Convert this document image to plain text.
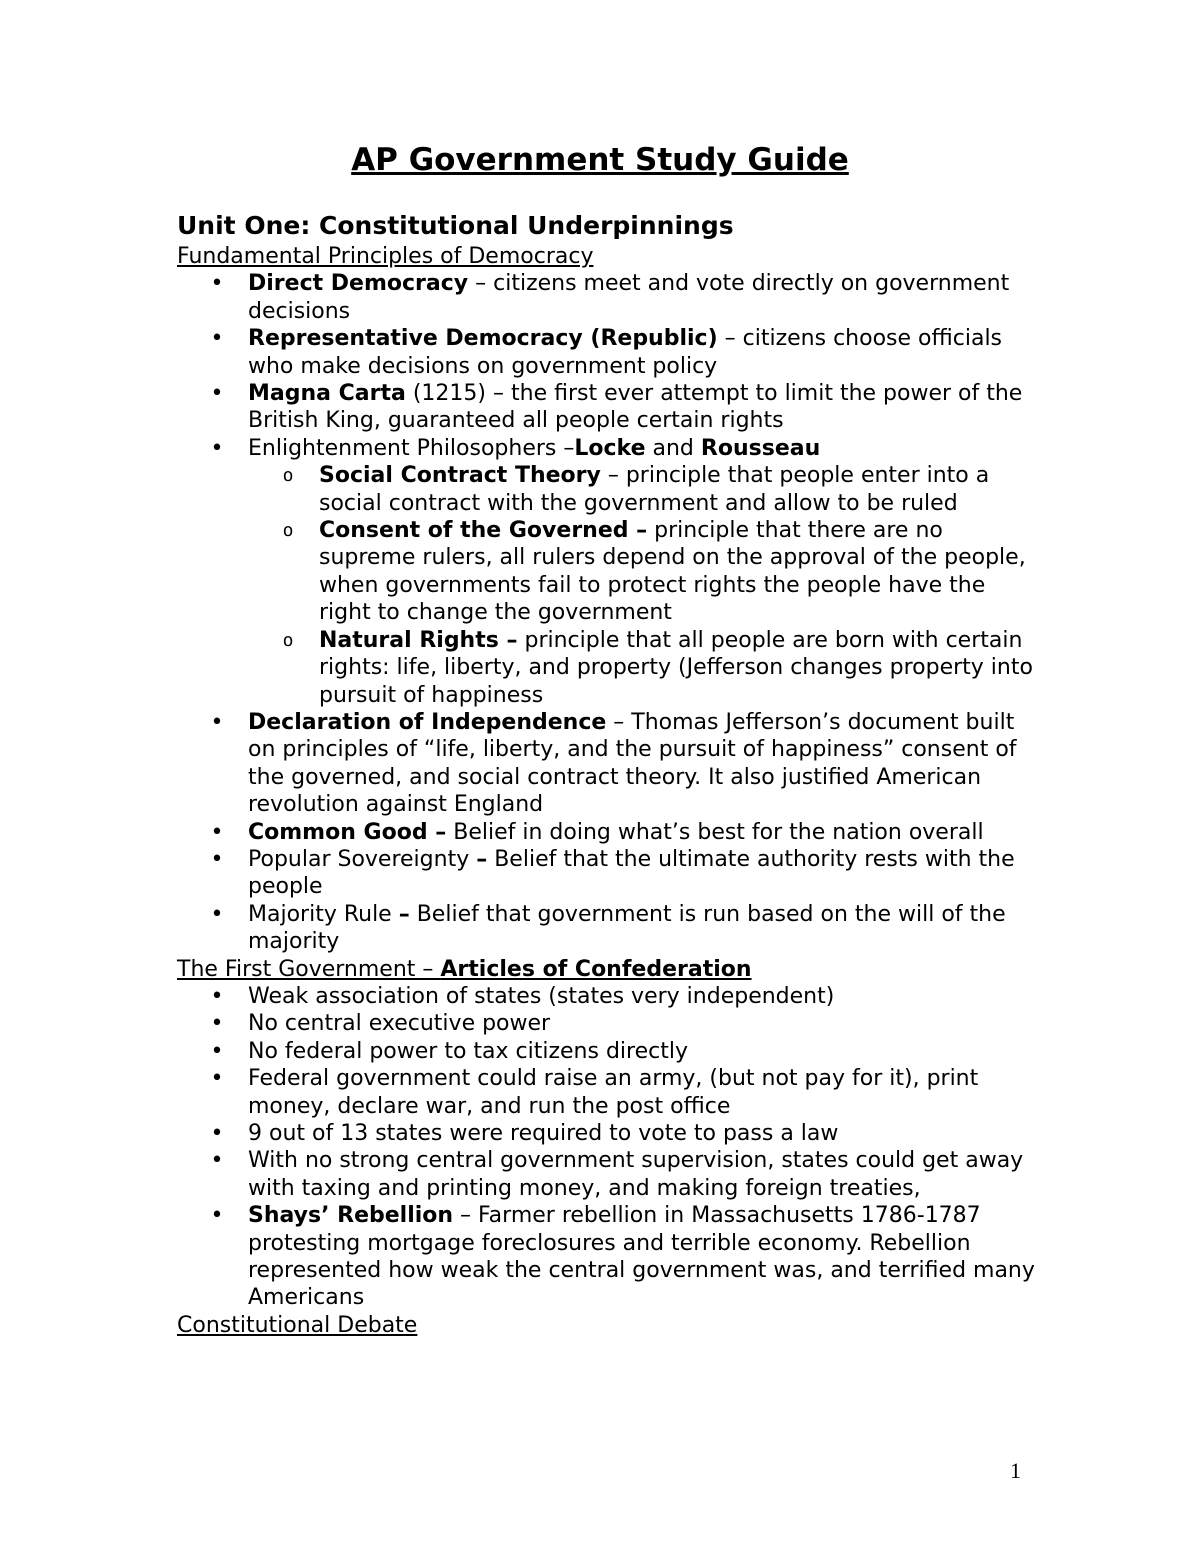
AP Government Study Guide
Unit One: Constitutional Underpinnings
Fundamental Principles of Democracy
• Direct Democracy – citizens meet and vote directly on government decisions
• Representative Democracy (Republic) – citizens choose officials who make decisions on government policy
• Magna Carta (1215) – the first ever attempt to limit the power of the British King, guaranteed all people certain rights
• Enlightenment Philosophers –Locke and Rousseau
o Social Contract Theory – principle that people enter into a social contract with the government and allow to be ruled
o Consent of the Governed – principle that there are no supreme rulers, all rulers depend on the approval of the people, when governments fail to protect rights the people have the right to change the government
o Natural Rights – principle that all people are born with certain rights: life, liberty, and property (Jefferson changes property into pursuit of happiness
• Declaration of Independence – Thomas Jefferson’s document built on principles of “life, liberty, and the pursuit of happiness” consent of the governed, and social contract theory. It also justified American revolution against England
• Common Good – Belief in doing what’s best for the nation overall
• Popular Sovereignty – Belief that the ultimate authority rests with the people
• Majority Rule – Belief that government is run based on the will of the majority
The First Government – Articles of Confederation
• Weak association of states (states very independent)
• No central executive power
• No federal power to tax citizens directly
• Federal government could raise an army, (but not pay for it), print money, declare war, and run the post office
• 9 out of 13 states were required to vote to pass a law
• With no strong central government supervision, states could get away with taxing and printing money, and making foreign treaties,
• Shays’ Rebellion – Farmer rebellion in Massachusetts 1786-1787 protesting mortgage foreclosures and terrible economy. Rebellion represented how weak the central government was, and terrified many Americans
Constitutional Debate
1
